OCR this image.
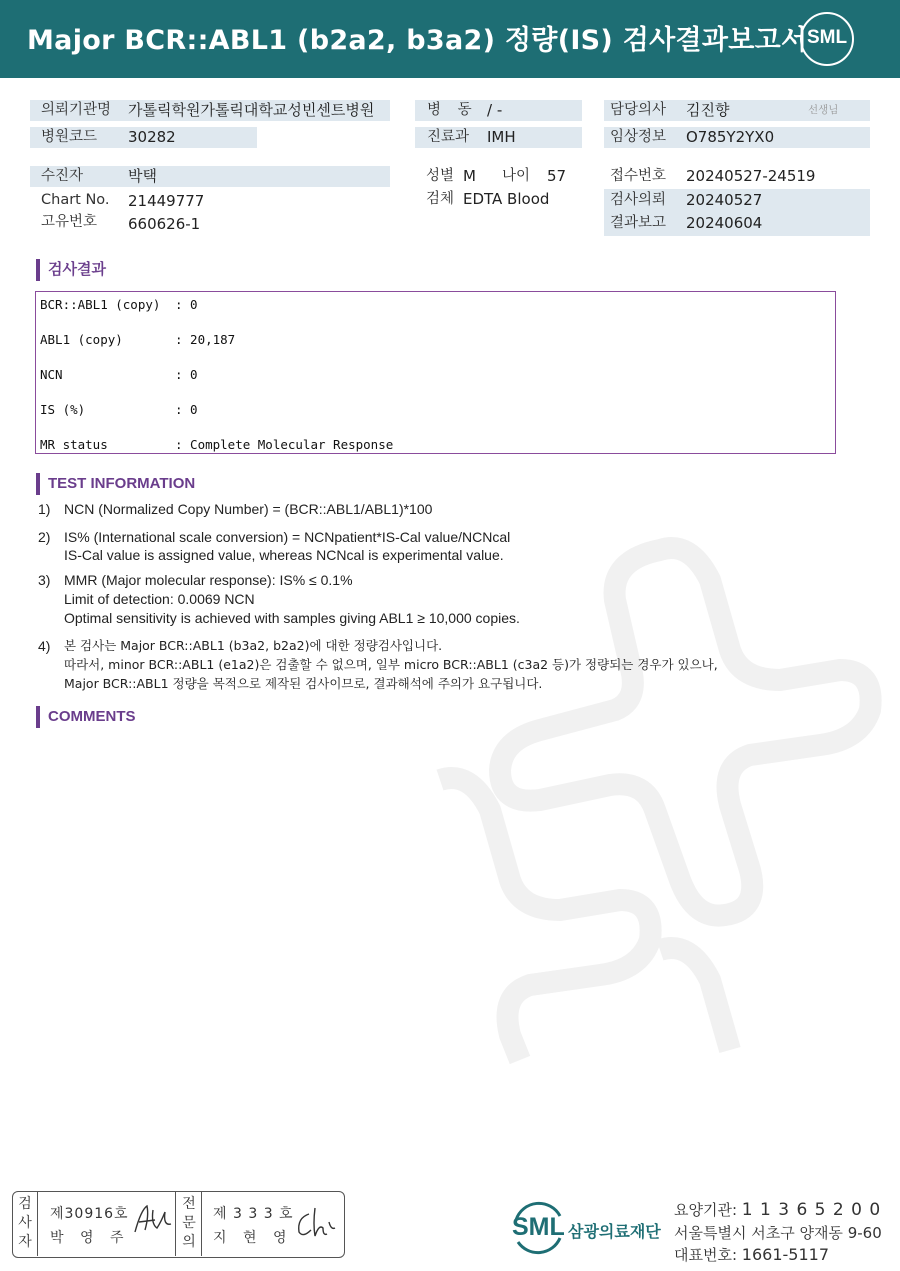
Major BCR::ABL1 (b2a2, b3a2) 정량(IS) 검사결과보고서 SML
의뢰기관명 가톨릭학원가톨릭대학교성빈센트병원
병원코드 30282
수진자	박택
Chart No. 21449777
고유번호 660626-1
병 동 / -
진료과 IMH
성별 M 나이 57
검체 EDTA Blood
담당의사 김진향	선생님
임상정보 O785Y2YX0
접수번호 20240527-24519
검사의뢰 20240527
결과보고 20240604
검사결과
BCR::ABL1 (copy) : 0
ABL1 (copy)	: 20,187
NCN	: 0
IS (%)	: 0
MR status	: Complete Molecular Response
TEST INFORMATION
1) NCN (Normalized Copy Number) = (BCR::ABL1/ABL1)*100
2) IS% (International scale conversion) = NCNpatient*IS-Cal value/NCNcal
IS-Cal value is assigned value, whereas NCNcal is experimental value.
3) MMR (Major molecular response): IS% ≤ 0.1%
Limit of detection: 0.0069 NCN
Optimal sensitivity is achieved with samples giving ABL1 ≥ 10,000 copies.
4) 본 검사는 Major BCR::ABL1 (b3a2, b2a2)에 대한 정량검사입니다.
따라서, minor BCR::ABL1 (e1a2)은 검출할 수 없으며, 일부 micro BCR::ABL1 (c3a2 등)가 정량되는 경우가 있으나,
Major BCR::ABL1 정량을 목적으로 제작된 검사이므로, 결과해석에 주의가 요구됩니다.
COMMENTS
검
사
자
제30916호
박 영 주
전
문
의
제 3 3 3 호
지 현 영	SML 삼광의료재단
요양기관: 1 1 3 6 5 2 0 0
서울특별시 서초구 양재동 9-60
대표번호: 1661-5117
